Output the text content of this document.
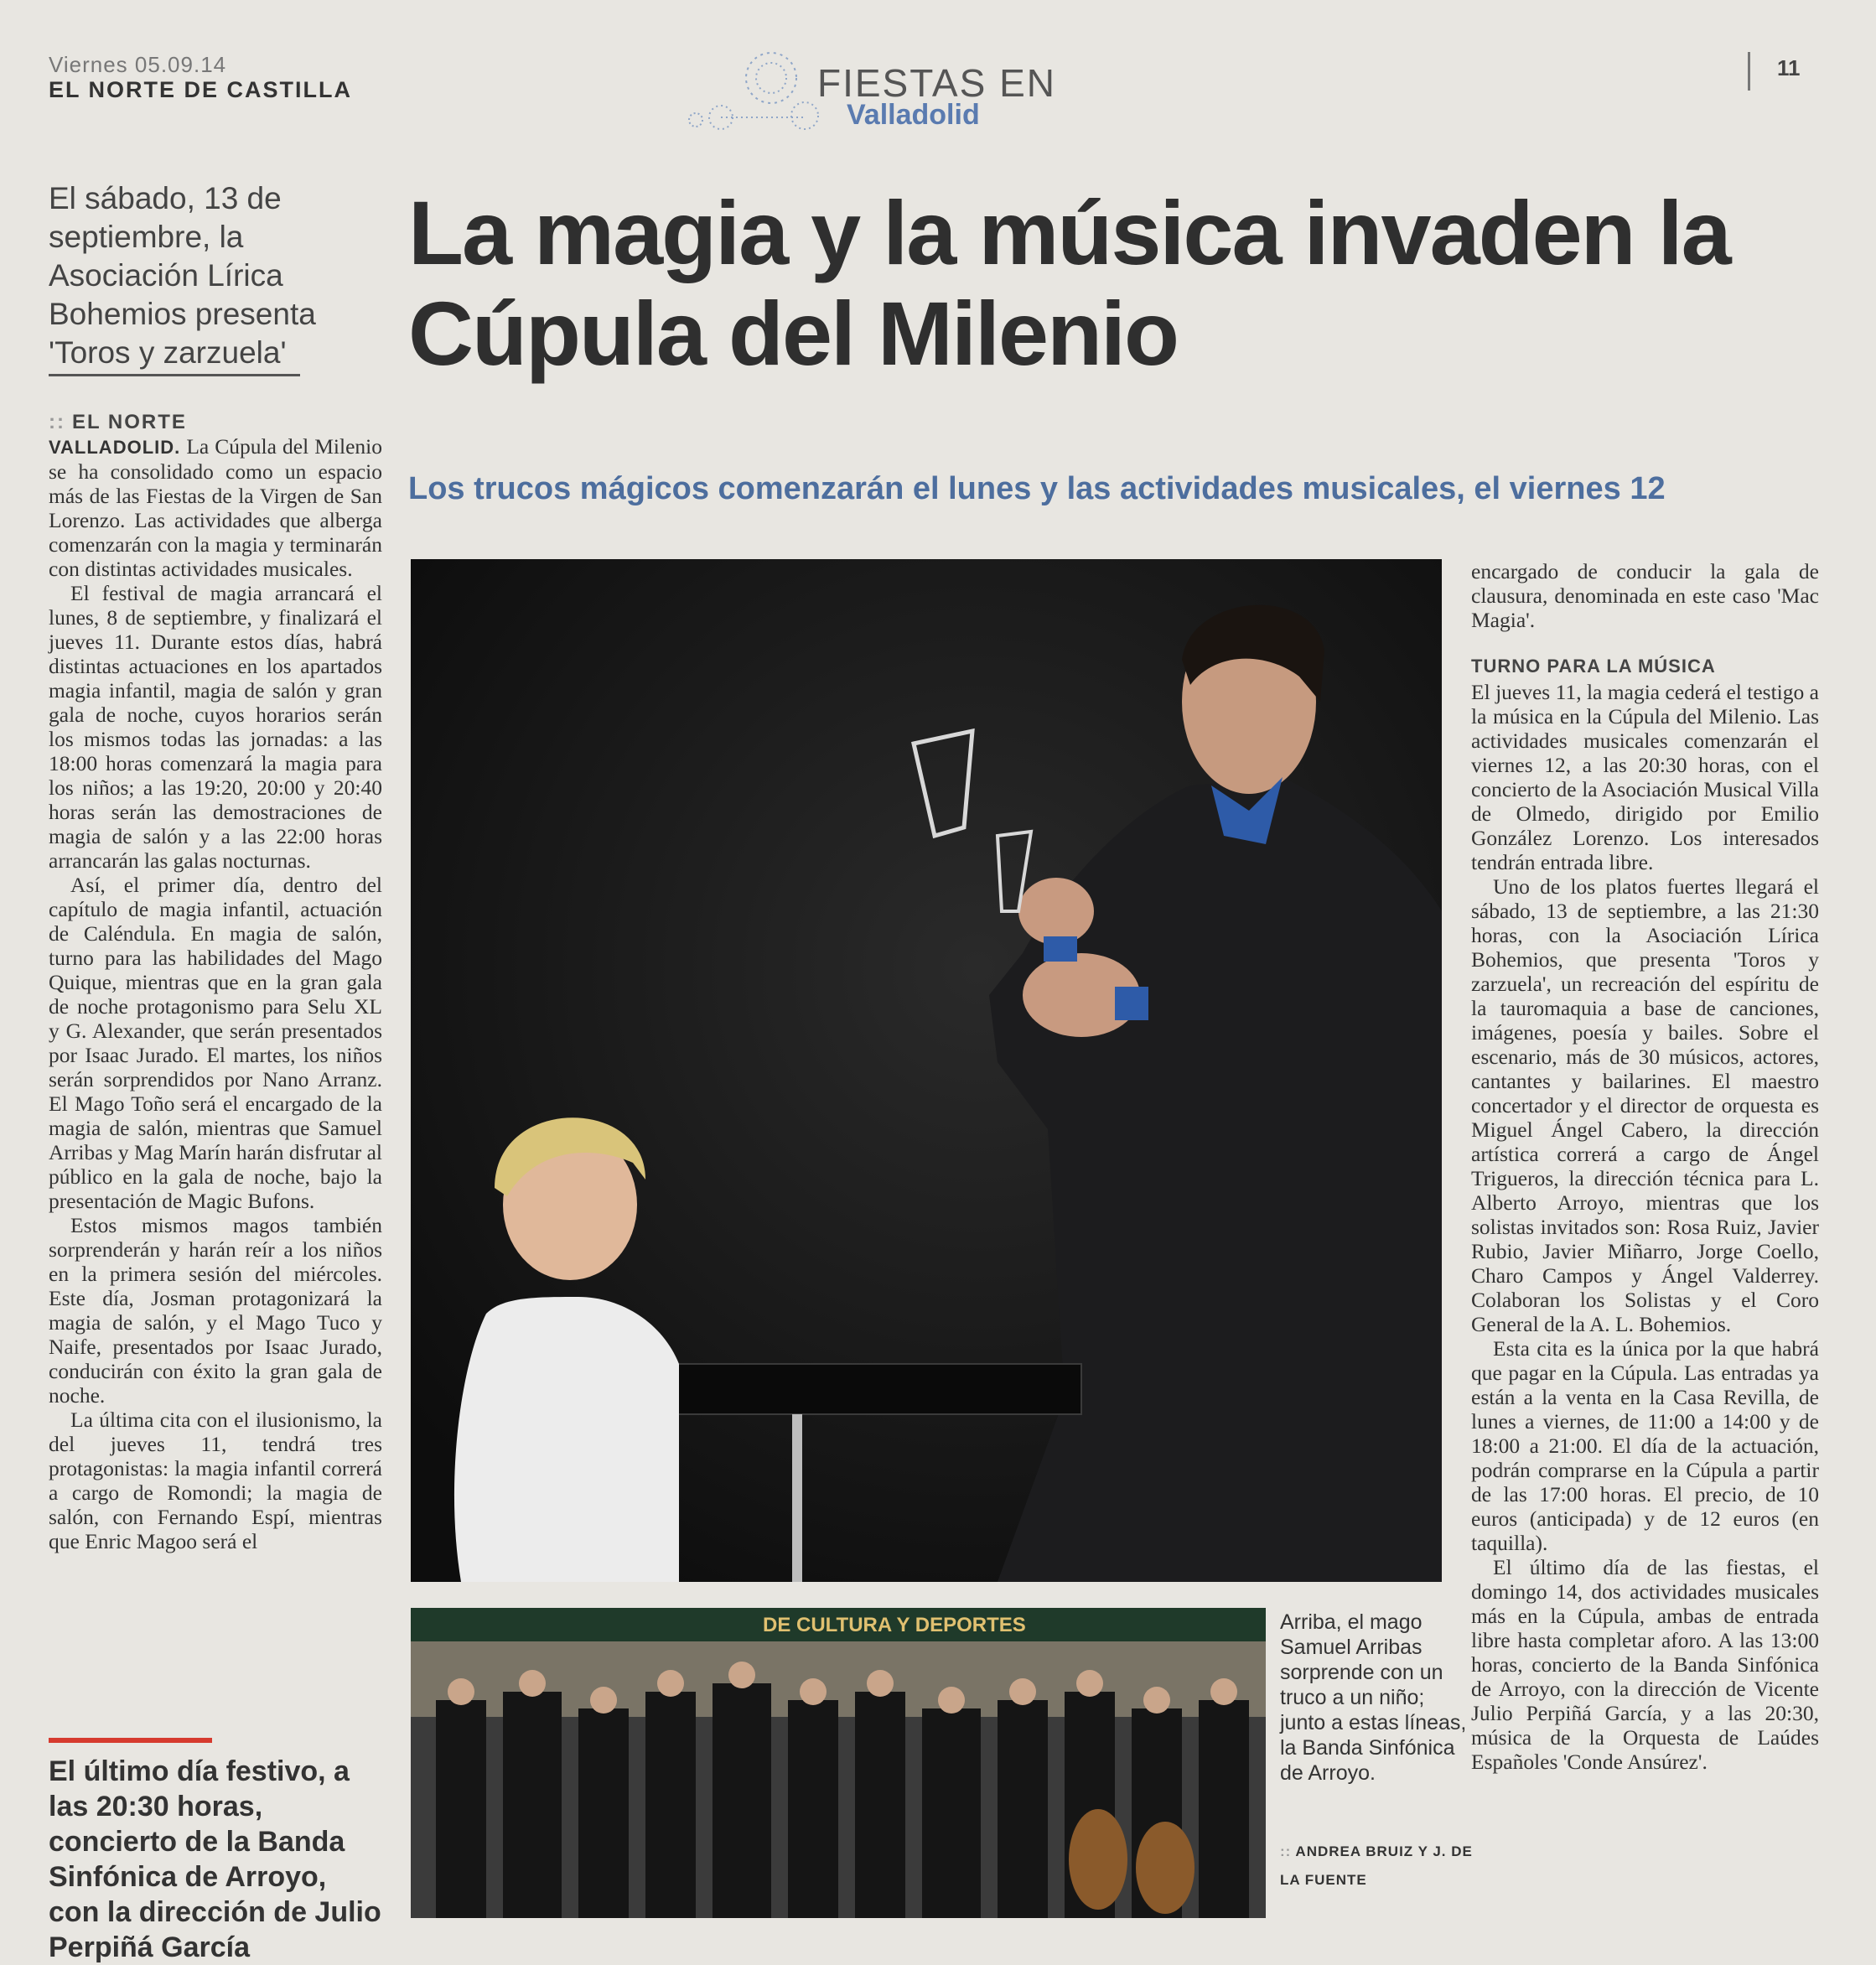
Viernes 05.09.14
EL NORTE DE CASTILLA	FIESTAS EN
Valladolid
11
El sábado, 13 de septiembre, la Asociación Lírica Bohemios presenta 'Toros y zarzuela'
La magia y la música invaden la Cúpula del Milenio
Los trucos mágicos comenzarán el lunes y las actividades musicales, el viernes 12
:: EL NORTE

VALLADOLID. La Cúpula del Milenio se ha consolidado como un espacio más de las Fiestas de la Virgen de San Lorenzo. Las actividades que alberga comenzarán con la magia y terminarán con distintas actividades musicales.

El festival de magia arrancará el lunes, 8 de septiembre, y finalizará el jueves 11. Durante estos días, habrá distintas actuaciones en los apartados magia infantil, magia de salón y gran gala de noche, cuyos horarios serán los mismos todas las jornadas: a las 18:00 horas comenzará la magia para los niños; a las 19:20, 20:00 y 20:40 horas serán las demostraciones de magia de salón y a las 22:00 horas arrancarán las galas nocturnas.

Así, el primer día, dentro del capítulo de magia infantil, actuación de Caléndula. En magia de salón, turno para las habilidades del Mago Quique, mientras que en la gran gala de noche protagonismo para Selu XL y G. Alexander, que serán presentados por Isaac Jurado. El martes, los niños serán sorprendidos por Nano Arranz. El Mago Toño será el encargado de la magia de salón, mientras que Samuel Arribas y Mag Marín harán disfrutar al público en la gala de noche, bajo la presentación de Magic Bufons.

Estos mismos magos también sorprenderán y harán reír a los niños en la primera sesión del miércoles. Este día, Josman protagonizará la magia de salón, y el Mago Tuco y Naife, presentados por Isaac Jurado, conducirán con éxito la gran gala de noche.

La última cita con el ilusionismo, la del jueves 11, tendrá tres protagonistas: la magia infantil correrá a cargo de Romondi; la magia de salón, con Fernando Espí, mientras que Enric Magoo será el

El último día festivo, a las 20:30 horas, concierto de la Banda Sinfónica de Arroyo, con la dirección de Julio Perpiñá García

encargado de conducir la gala de clausura, denominada en este caso 'Mac Magia'.

TURNO PARA LA MÚSICA

El jueves 11, la magia cederá el testigo a la música en la Cúpula del Milenio. Las actividades musicales comenzarán el viernes 12, a las 20:30 horas, con el concierto de la Asociación Musical Villa de Olmedo, dirigido por Emilio González Lorenzo. Los interesados tendrán entrada libre.

Uno de los platos fuertes llegará el sábado, 13 de septiembre, a las 21:30 horas, con la Asociación Lírica Bohemios, que presenta 'Toros y zarzuela', un recreación del espíritu de la tauromaquia a base de canciones, imágenes, poesía y bailes. Sobre el escenario, más de 30 músicos, actores, cantantes y bailarines. El maestro concertador y el director de orquesta es Miguel Ángel Cabero, la dirección artística correrá a cargo de Ángel Trigueros, la dirección técnica para L. Alberto Arroyo, mientras que los solistas invitados son: Rosa Ruiz, Javier Rubio, Javier Miñarro, Jorge Coello, Charo Campos y Ángel Valderrey. Colaboran los Solistas y el Coro General de la A. L. Bohemios.

Esta cita es la única por la que habrá que pagar en la Cúpula. Las entradas ya están a la venta en la Casa Revilla, de lunes a viernes, de 11:00 a 14:00 y de 18:00 a 21:00. El día de la actuación, podrán comprarse en la Cúpula a partir de las 17:00 horas. El precio, de 10 euros (anticipada) y de 12 euros (en taquilla).

El último día de las fiestas, el domingo 14, dos actividades musicales más en la Cúpula, ambas de entrada libre hasta completar aforo. A las 13:00 horas, concierto de la Banda Sinfónica de Arroyo, con la dirección de Vicente Julio Perpiñá García, y a las 20:30, música de la Orquesta de Laúdes Españoles 'Conde Ansúrez'.

DE CULTURA Y DEPORTES	Arriba, el mago Samuel Arribas sorprende con un truco a un niño; junto a estas líneas, la Banda Sinfónica de Arroyo.
:: ANDREA BRUIZ Y J. DE LA FUENTE
